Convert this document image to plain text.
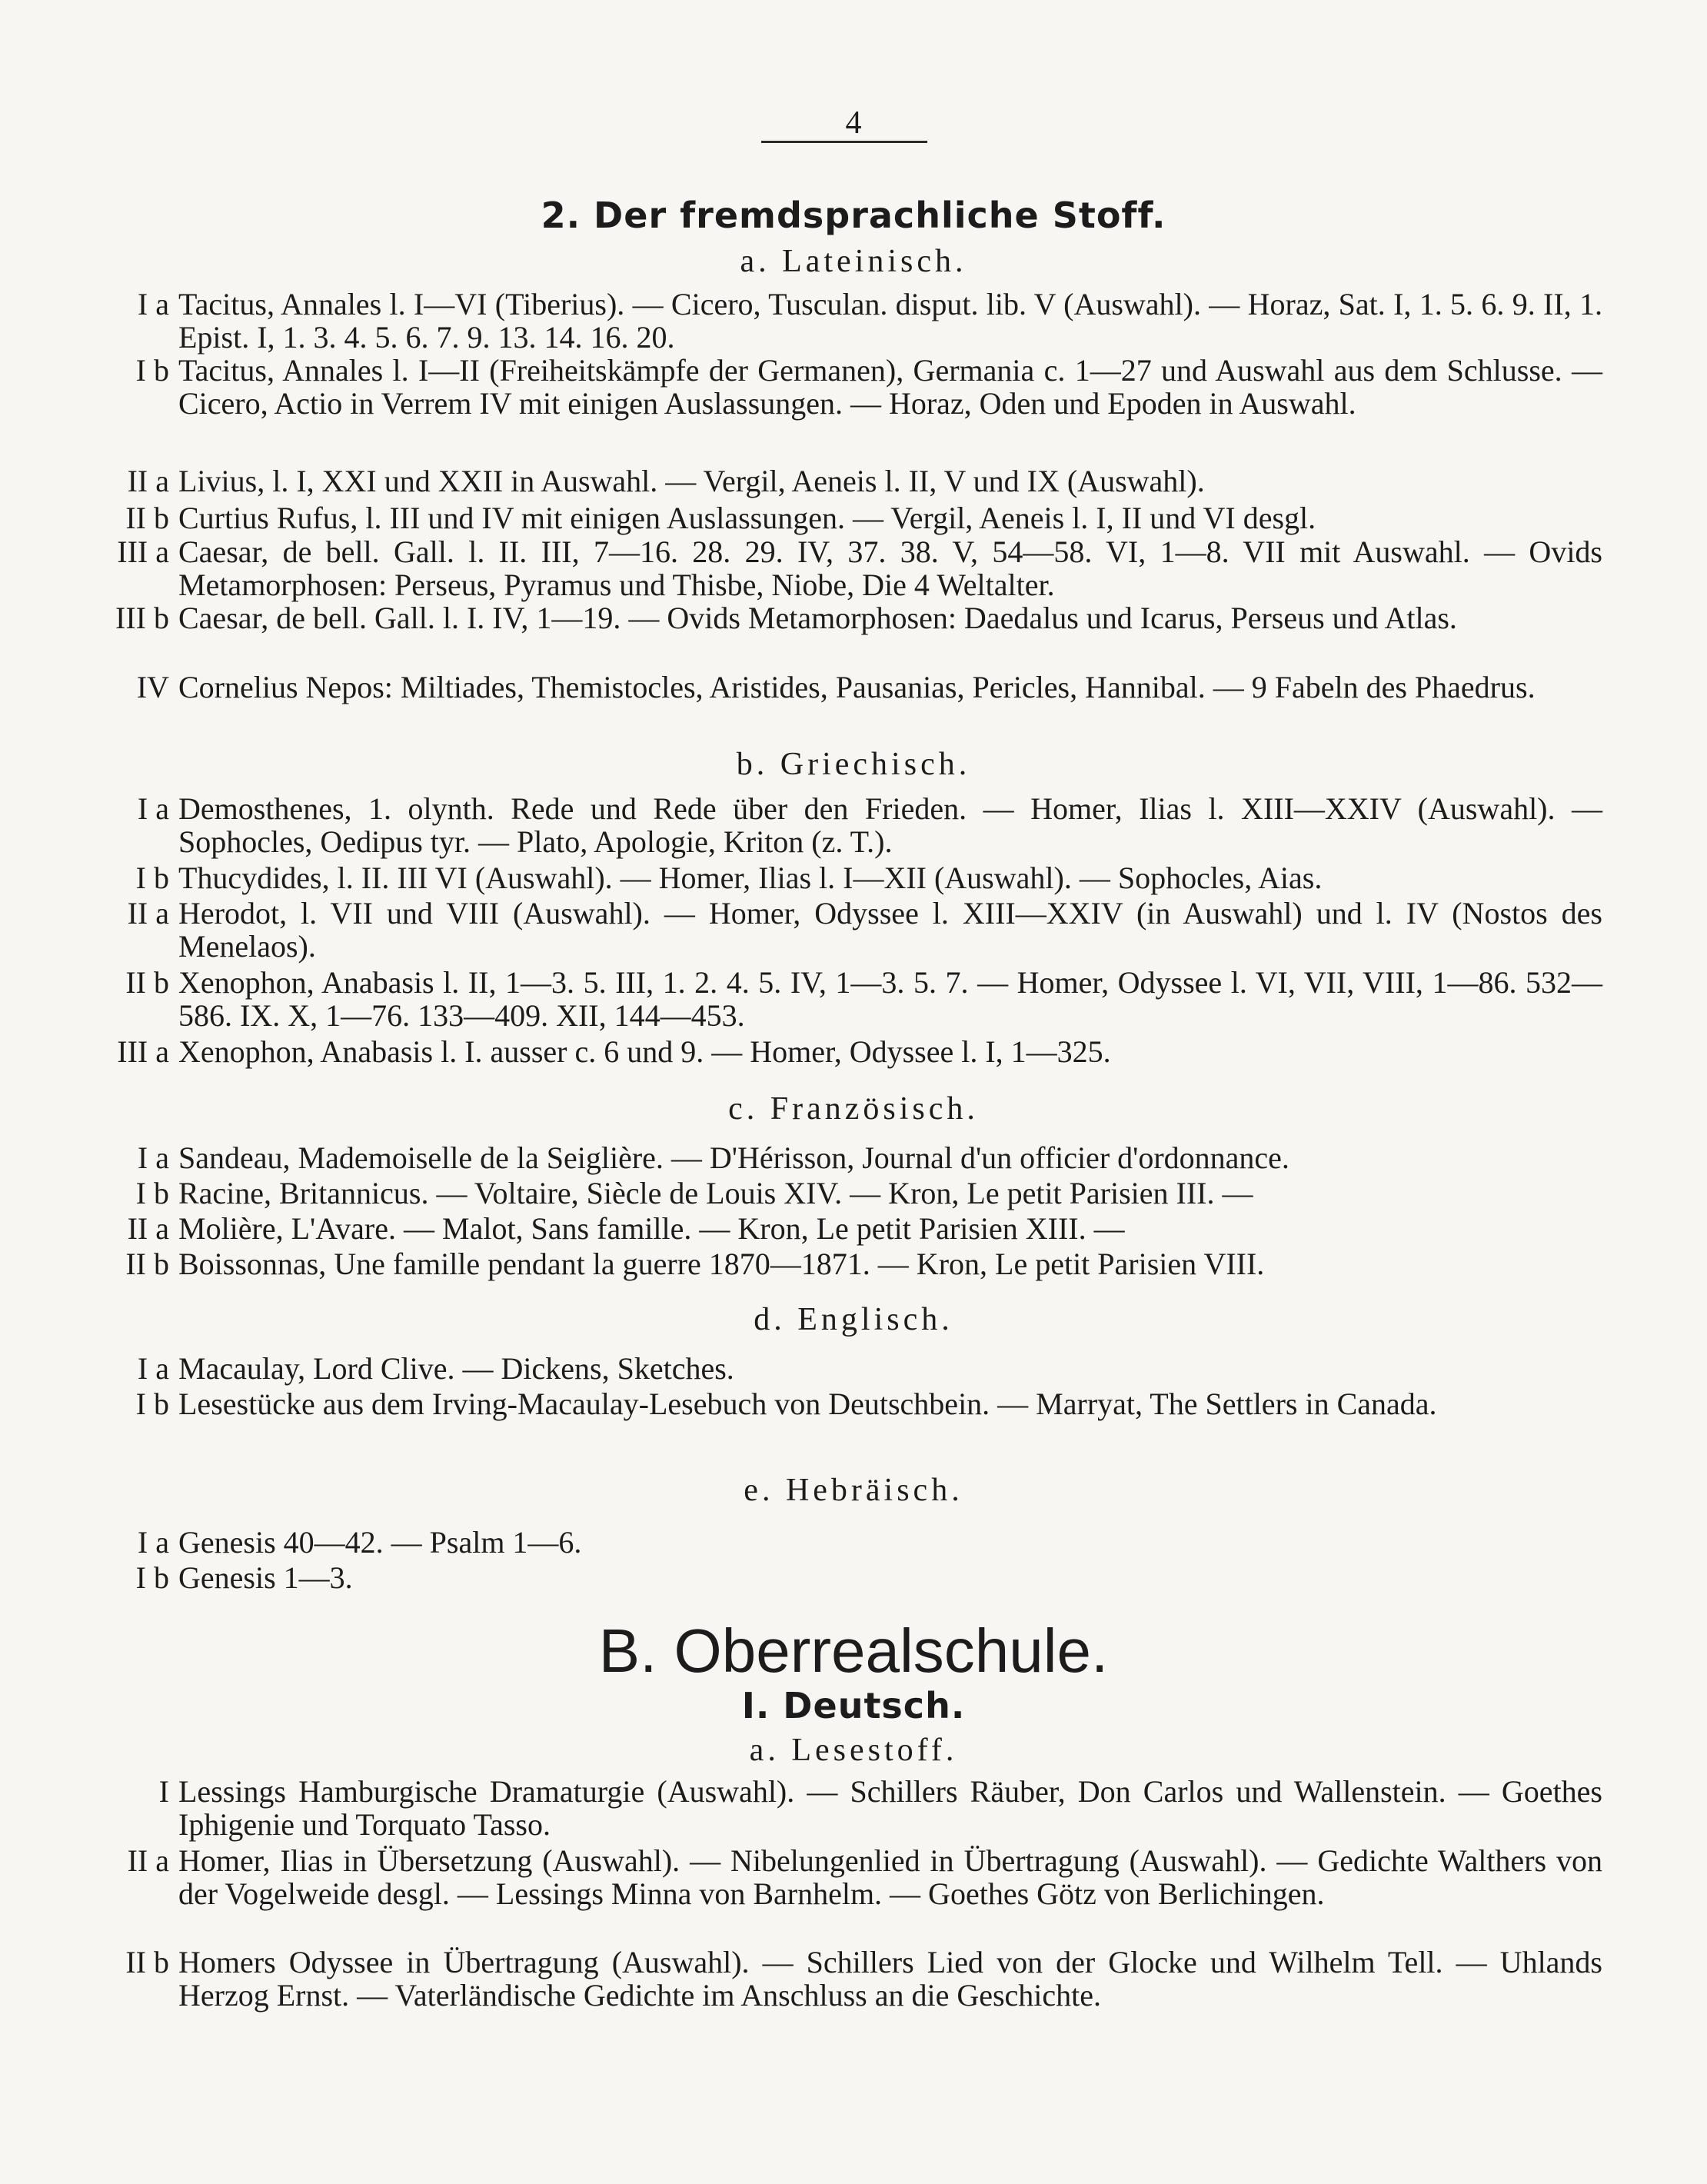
4
2. Der fremdsprachliche Stoff.
a. Lateinisch.
I a Tacitus, Annales l. I—VI (Tiberius). — Cicero, Tusculan. disput. lib. V (Auswahl). — Horaz, Sat. I, 1. 5. 6. 9. II, 1. Epist. I, 1. 3. 4. 5. 6. 7. 9. 13. 14. 16. 20.
I b Tacitus, Annales l. I—II (Freiheitskämpfe der Germanen), Germania c. 1—27 und Auswahl aus dem Schlusse. — Cicero, Actio in Verrem IV mit einigen Auslassungen. — Horaz, Oden und Epoden in Auswahl.
II a Livius, l. I, XXI und XXII in Auswahl. — Vergil, Aeneis l. II, V und IX (Auswahl).
II b Curtius Rufus, l. III und IV mit einigen Auslassungen. — Vergil, Aeneis l. I, II und VI desgl.
III a Caesar, de bell. Gall. l. II. III, 7—16. 28. 29. IV, 37. 38. V, 54—58. VI, 1—8. VII mit Auswahl. — Ovids Metamorphosen: Perseus, Pyramus und Thisbe, Niobe, Die 4 Weltalter.
III b Caesar, de bell. Gall. l. I. IV, 1—19. — Ovids Metamorphosen: Daedalus und Icarus, Perseus und Atlas.
IV Cornelius Nepos: Miltiades, Themistocles, Aristides, Pausanias, Pericles, Hannibal. — 9 Fabeln des Phaedrus.
b. Griechisch.
I a Demosthenes, 1. olynth. Rede und Rede über den Frieden. — Homer, Ilias l. XIII—XXIV (Auswahl). — Sophocles, Oedipus tyr. — Plato, Apologie, Kriton (z. T.).
I b Thucydides, l. II. III VI (Auswahl). — Homer, Ilias l. I—XII (Auswahl). — Sophocles, Aias.
II a Herodot, l. VII und VIII (Auswahl). — Homer, Odyssee l. XIII—XXIV (in Auswahl) und l. IV (Nostos des Menelaos).
II b Xenophon, Anabasis l. II, 1—3. 5. III, 1. 2. 4. 5. IV, 1—3. 5. 7. — Homer, Odyssee l. VI, VII, VIII, 1—86. 532—586. IX. X, 1—76. 133—409. XII, 144—453.
III a Xenophon, Anabasis l. I. ausser c. 6 und 9. — Homer, Odyssee l. I, 1—325.
c. Französisch.
I a Sandeau, Mademoiselle de la Seiglière. — D'Hérisson, Journal d'un officier d'ordonnance.
I b Racine, Britannicus. — Voltaire, Siècle de Louis XIV. — Kron, Le petit Parisien III. —
II a Molière, L'Avare. — Malot, Sans famille. — Kron, Le petit Parisien XIII. —
II b Boissonnas, Une famille pendant la guerre 1870—1871. — Kron, Le petit Parisien VIII.
d. Englisch.
I a Macaulay, Lord Clive. — Dickens, Sketches.
I b Lesestücke aus dem Irving-Macaulay-Lesebuch von Deutschbein. — Marryat, The Settlers in Canada.
e. Hebräisch.
I a Genesis 40—42. — Psalm 1—6.
I b Genesis 1—3.
B. Oberrealschule.
I. Deutsch.
a. Lesestoff.
I Lessings Hamburgische Dramaturgie (Auswahl). — Schillers Räuber, Don Carlos und Wallenstein. — Goethes Iphigenie und Torquato Tasso.
II a Homer, Ilias in Übersetzung (Auswahl). — Nibelungenlied in Übertragung (Auswahl). — Gedichte Walthers von der Vogelweide desgl. — Lessings Minna von Barnhelm. — Goethes Götz von Berlichingen.
II b Homers Odyssee in Übertragung (Auswahl). — Schillers Lied von der Glocke und Wilhelm Tell. — Uhlands Herzog Ernst. — Vaterländische Gedichte im Anschluss an die Geschichte.
